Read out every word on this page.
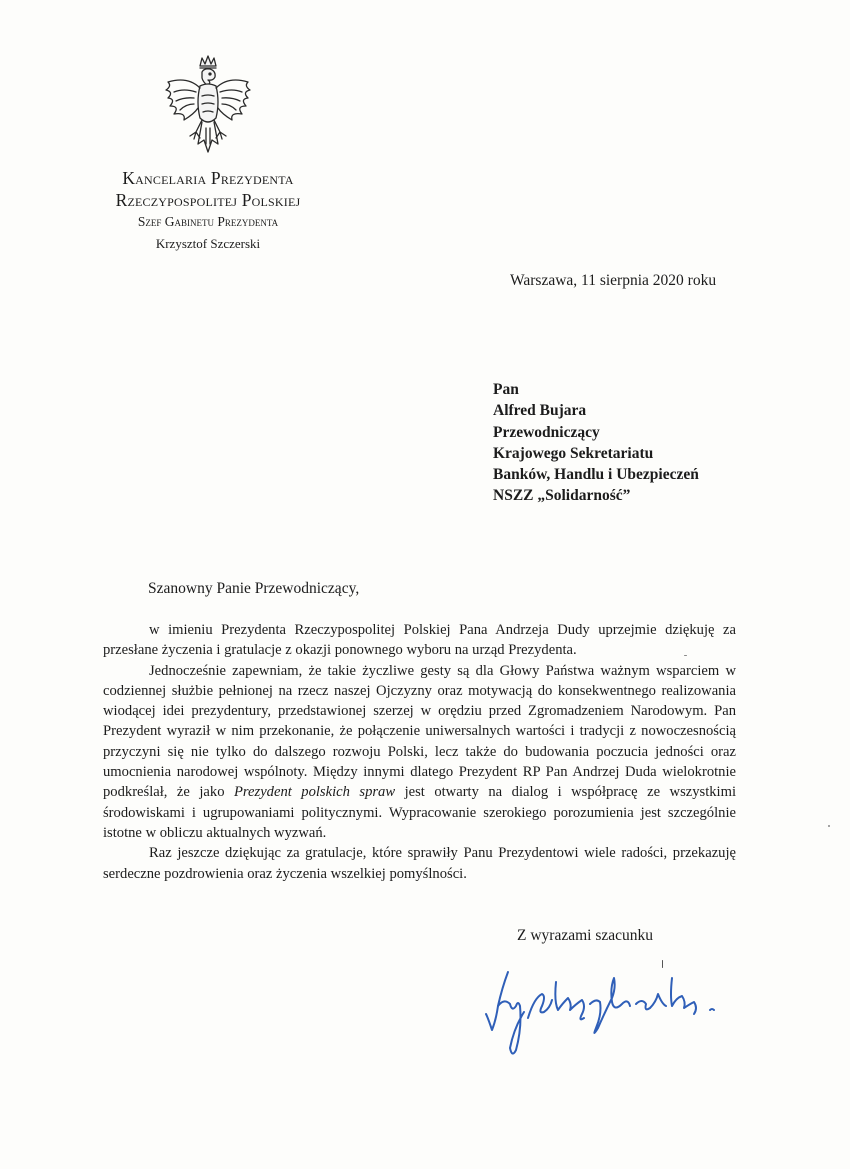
Kancelaria Prezydenta
Rzeczypospolitej Polskiej
Szef Gabinetu Prezydenta
Krzysztof Szczerski
Warszawa, 11 sierpnia 2020 roku
Pan
Alfred Bujara
Przewodniczący
Krajowego Sekretariatu
Banków, Handlu i Ubezpieczeń
NSZZ „Solidarność”
Szanowny Panie Przewodniczący,

w imieniu Prezydenta Rzeczypospolitej Polskiej Pana Andrzeja Dudy uprzejmie dziękuję za przesłane życzenia i gratulacje z okazji ponownego wyboru na urząd Prezydenta.

Jednocześnie zapewniam, że takie życzliwe gesty są dla Głowy Państwa ważnym wsparciem w codziennej służbie pełnionej na rzecz naszej Ojczyzny oraz motywacją do konsekwentnego realizowania wiodącej idei prezydentury, przedstawionej szerzej w orędziu przed Zgromadzeniem Narodowym. Pan Prezydent wyraził w nim przekonanie, że połączenie uniwersalnych wartości i tradycji z nowoczesnością przyczyni się nie tylko do dalszego rozwoju Polski, lecz także do budowania poczucia jedności oraz umocnienia narodowej wspólnoty. Między innymi dlatego Prezydent RP Pan Andrzej Duda wielokrotnie podkreślał, że jako Prezydent polskich spraw jest otwarty na dialog i współpracę ze wszystkimi środowiskami i ugrupowaniami politycznymi. Wypracowanie szerokiego porozumienia jest szczególnie istotne w obliczu aktualnych wyzwań.

Raz jeszcze dziękując za gratulacje, które sprawiły Panu Prezydentowi wiele radości, przekazuję serdeczne pozdrowienia oraz życzenia wszelkiej pomyślności.

Z wyrazami szacunku
